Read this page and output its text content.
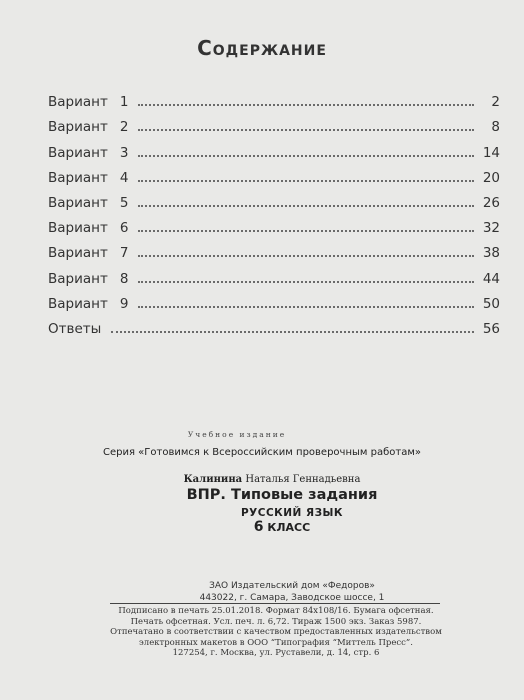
Содержание
Вариант 1	2
Вариант 2	8
Вариант 3	14
Вариант 4	20
Вариант 5	26
Вариант 6	32
Вариант 7	38
Вариант 8	44
Вариант 9	50
Ответы	56
Учебное издание
Серия «Готовимся к Всероссийским проверочным работам»
Калинина Наталья Геннадьевна
ВПР. Типовые задания
РУССКИЙ ЯЗЫК
6 КЛАСС
ЗАО Издательский дом «Федоров»
443022, г. Самара, Заводское шоссе, 1
Подписано в печать 25.01.2018. Формат 84х108/16. Бумага офсетная.
Печать офсетная. Усл. печ. л. 6,72. Тираж 1500 экз. Заказ 5987.
Отпечатано в соответствии с качеством предоставленных издательством
электронных макетов в ООО “Типография “Миттель Пресс”.
127254, г. Москва, ул. Руставели, д. 14, стр. 6
